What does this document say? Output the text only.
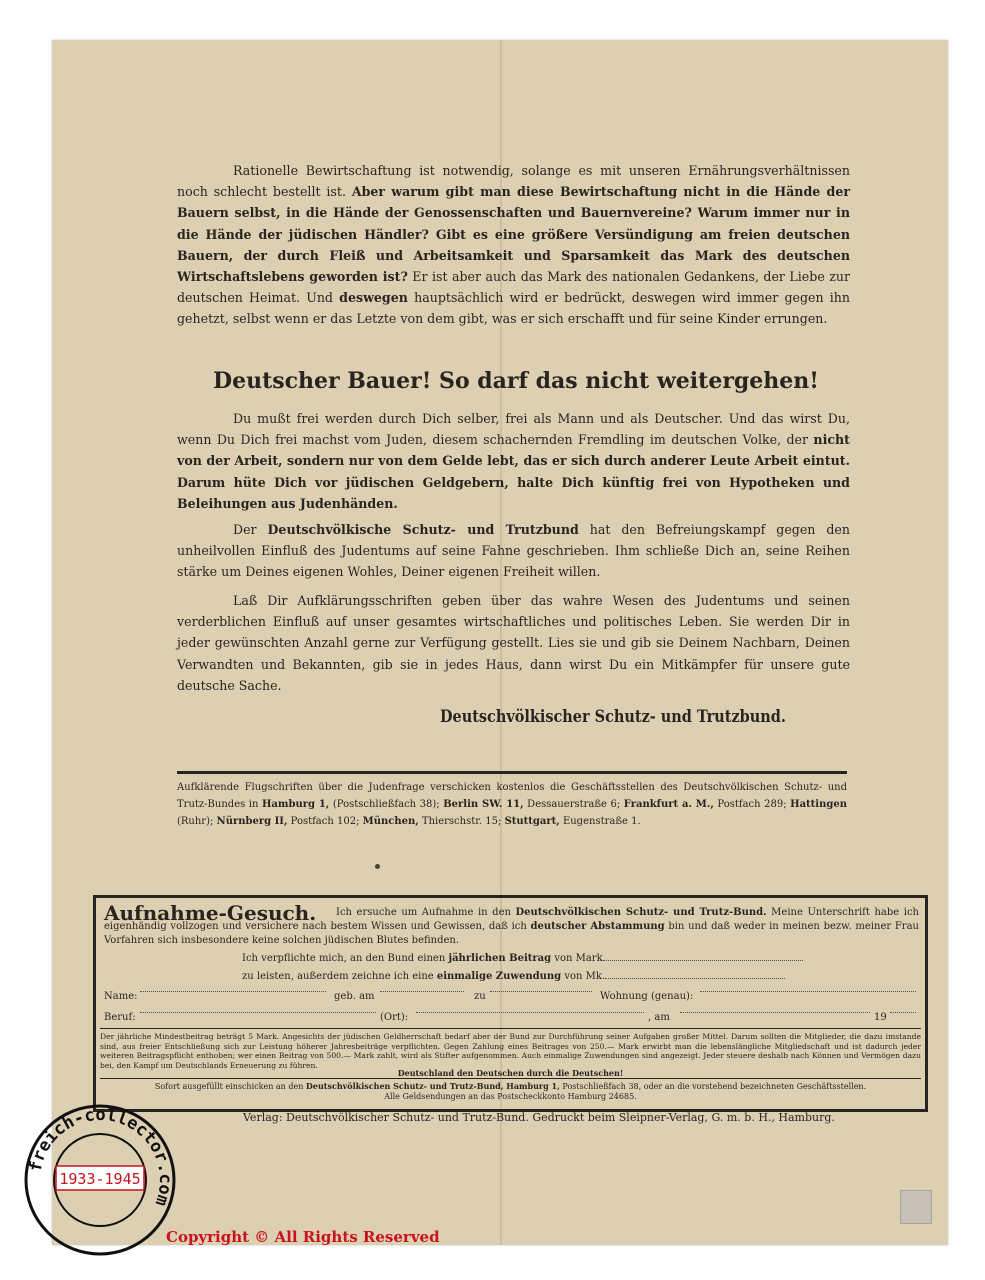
Rationelle Bewirtschaftung ist notwendig, solange es mit unseren Ernährungsverhältnissen noch schlecht bestellt ist. Aber warum gibt man diese Bewirtschaftung nicht in die Hände der Bauern selbst, in die Hände der Genossenschaften und Bauernvereine? Warum immer nur in die Hände der jüdischen Händler? Gibt es eine größere Versündigung am freien deutschen Bauern, der durch Fleiß und Arbeitsamkeit und Sparsamkeit das Mark des deutschen Wirtschaftslebens geworden ist? Er ist aber auch das Mark des nationalen Gedankens, der Liebe zur deutschen Heimat. Und deswegen hauptsächlich wird er bedrückt, deswegen wird immer gegen ihn gehetzt, selbst wenn er das Letzte von dem gibt, was er sich erschafft und für seine Kinder errungen.

Deutscher Bauer! So darf das nicht weitergehen!

Du mußt frei werden durch Dich selber, frei als Mann und als Deutscher. Und das wirst Du, wenn Du Dich frei machst vom Juden, diesem schachernden Fremdling im deutschen Volke, der nicht von der Arbeit, sondern nur von dem Gelde lebt, das er sich durch anderer Leute Arbeit eintut. Darum hüte Dich vor jüdischen Geldgebern, halte Dich künftig frei von Hypotheken und Beleihungen aus Judenhänden.

Der Deutschvölkische Schutz- und Trutzbund hat den Befreiungskampf gegen den unheilvollen Einfluß des Judentums auf seine Fahne geschrieben. Ihm schließe Dich an, seine Reihen stärke um Deines eigenen Wohles, Deiner eigenen Freiheit willen.

Laß Dir Aufklärungsschriften geben über das wahre Wesen des Judentums und seinen verderblichen Einfluß auf unser gesamtes wirtschaftliches und politisches Leben. Sie werden Dir in jeder gewünschten Anzahl gerne zur Verfügung gestellt. Lies sie und gib sie Deinem Nachbarn, Deinen Verwandten und Bekannten, gib sie in jedes Haus, dann wirst Du ein Mitkämpfer für unsere gute deutsche Sache.

Deutschvölkischer Schutz- und Trutzbund.

Aufklärende Flugschriften über die Judenfrage verschicken kostenlos die Geschäftsstellen des Deutschvölkischen Schutz- und Trutz-Bundes in Hamburg 1, (Postschließfach 38); Berlin SW. 11, Dessauerstraße 6; Frankfurt a. M., Postfach 289; Hattingen (Ruhr); Nürnberg II, Postfach 102; München, Thierschstr. 15; Stuttgart, Eugenstraße 1.

Aufnahme-Gesuch.	Ich ersuche um Aufnahme in den Deutschvölkischen Schutz- und Trutz-Bund. Meine Unterschrift habe ich eigenhändig vollzogen und versichere nach bestem Wissen und Gewissen, daß ich deutscher Abstammung bin und daß weder in meinen bezw. meiner Frau Vorfahren sich insbesondere keine solchen jüdischen Blutes befinden.

Ich verpflichte mich, an den Bund einen jährlichen Beitrag von Mark

zu leisten, außerdem zeichne ich eine einmalige Zuwendung von Mk.

Name:	geb. am	zu	Wohnung (genau):
Beruf:	(Ort):	, am	19

Der jährliche Mindestbeitrag beträgt 5 Mark. Angesichts der jüdischen Geldherrschaft bedarf aber der Bund zur Durchführung seiner Aufgaben großer Mittel. Darum sollten die Mitglieder, die dazu imstande sind, aus freier Entschließung sich zur Leistung höherer Jahresbeiträge verpflichten. Gegen Zahlung eines Beitrages von 250.— Mark erwirbt man die lebenslängliche Mitgliedschaft und ist dadurch jeder weiteren Beitragspflicht enthoben; wer einen Beitrag von 500.— Mark zahlt, wird als Stifter aufgenommen. Auch einmalige Zuwendungen sind angezeigt. Jeder steuere deshalb nach Können und Vermögen dazu bei, den Kampf um Deutschlands Erneuerung zu führen.

Deutschland den Deutschen durch die Deutschen!

Sofort ausgefüllt einschicken an den Deutschvölkischen Schutz- und Trutz-Bund, Hamburg 1, Postschließfach 38, oder an die vorstehend bezeichneten Geschäftsstellen.
Alle Geldsendungen an das Postscheckkonto Hamburg 24685.

Verlag: Deutschvölkischer Schutz- und Trutz-Bund. Gedruckt beim Sleipner-Verlag, G. m. b. H., Hamburg.

freich-collector.com
1933-1945

Copyright © All Rights Reserved
